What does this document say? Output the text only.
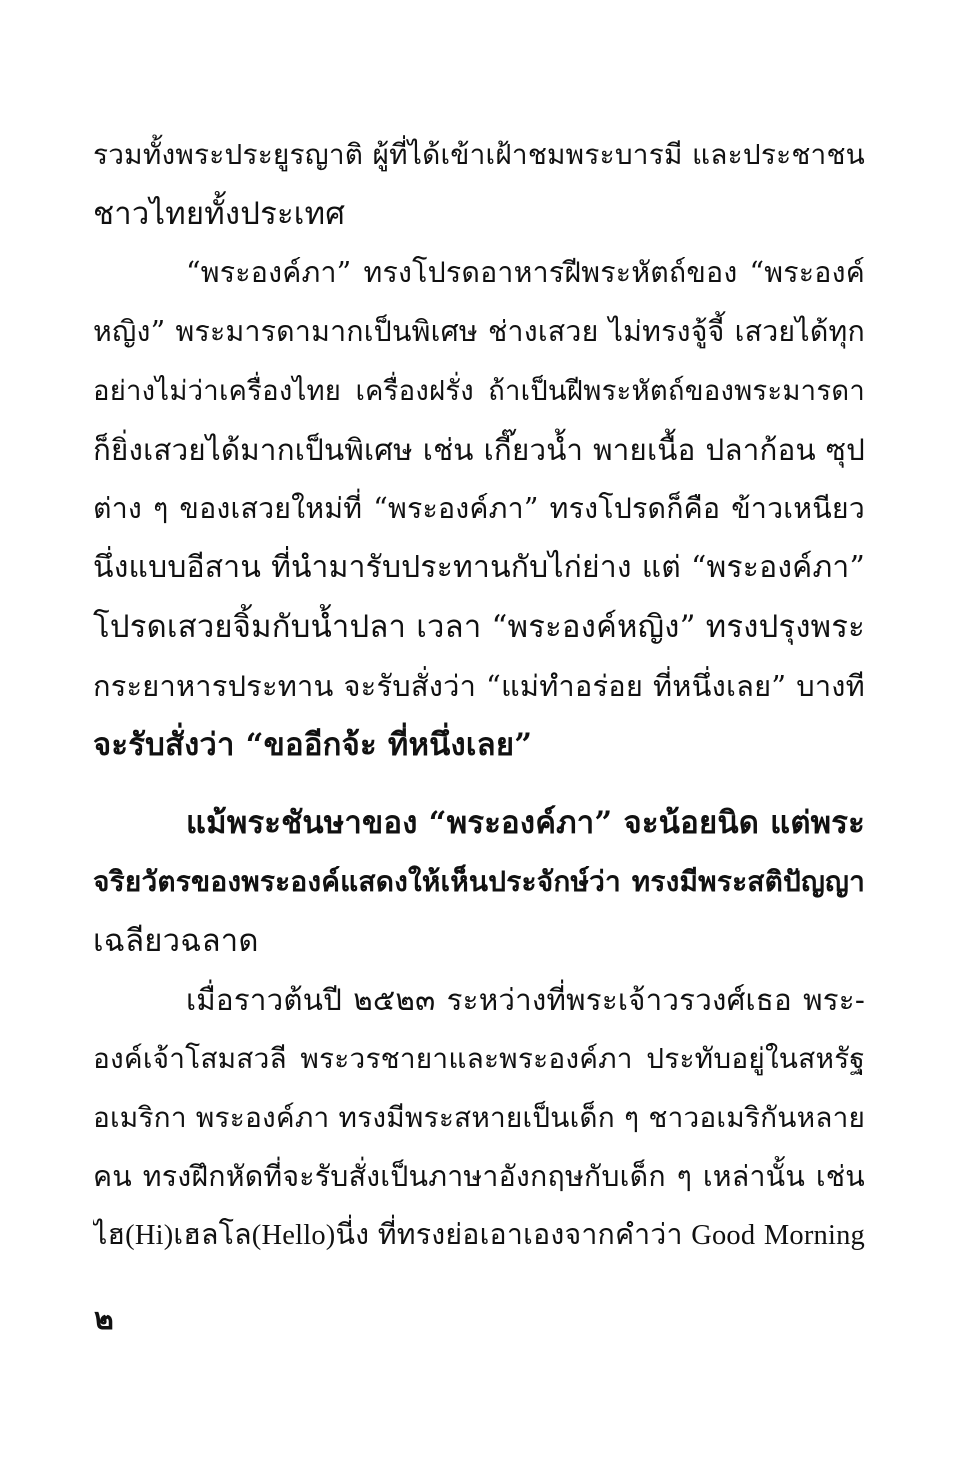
รวมทั้งพระประยูรญาติ ผู้ที่ได้เข้าเฝ้าชมพระบารมี และประชาชน
ชาวไทยทั้งประเทศ
“พระองค์ภา” ทรงโปรดอาหารฝีพระหัตถ์ของ “พระองค์
หญิง” พระมารดามากเป็นพิเศษ ช่างเสวย ไม่ทรงจู้จี้ เสวยได้ทุก
อย่างไม่ว่าเครื่องไทย เครื่องฝรั่ง ถ้าเป็นฝีพระหัตถ์ของพระมารดา
ก็ยิ่งเสวยได้มากเป็นพิเศษ เช่น เกี๊ยวน้ำ พายเนื้อ ปลาก้อน ซุป
ต่าง ๆ ของเสวยใหม่ที่ “พระองค์ภา” ทรงโปรดก็คือ ข้าวเหนียว
นึ่งแบบอีสาน ที่นำมารับประทานกับไก่ย่าง แต่ “พระองค์ภา”
โปรดเสวยจิ้มกับน้ำปลา เวลา “พระองค์หญิง” ทรงปรุงพระ
กระยาหารประทาน จะรับสั่งว่า “แม่ทำอร่อย ที่หนึ่งเลย” บางที
จะรับสั่งว่า “ขออีกจ้ะ ที่หนึ่งเลย”
แม้พระชันษาของ “พระองค์ภา” จะน้อยนิด แต่พระ
จริยวัตรของพระองค์แสดงให้เห็นประจักษ์ว่า ทรงมีพระสติปัญญา
เฉลียวฉลาด
เมื่อราวต้นปี ๒๕๒๓ ระหว่างที่พระเจ้าวรวงศ์เธอ พระ-
องค์เจ้าโสมสวลี พระวรชายาและพระองค์ภา ประทับอยู่ในสหรัฐ
อเมริกา พระองค์ภา ทรงมีพระสหายเป็นเด็ก ๆ ชาวอเมริกันหลาย
คน ทรงฝึกหัดที่จะรับสั่งเป็นภาษาอังกฤษกับเด็ก ๆ เหล่านั้น เช่น
ไฮ(Hi)เฮลโล(Hello)นี่ง ที่ทรงย่อเอาเองจากคำว่า Good Morning
๒
